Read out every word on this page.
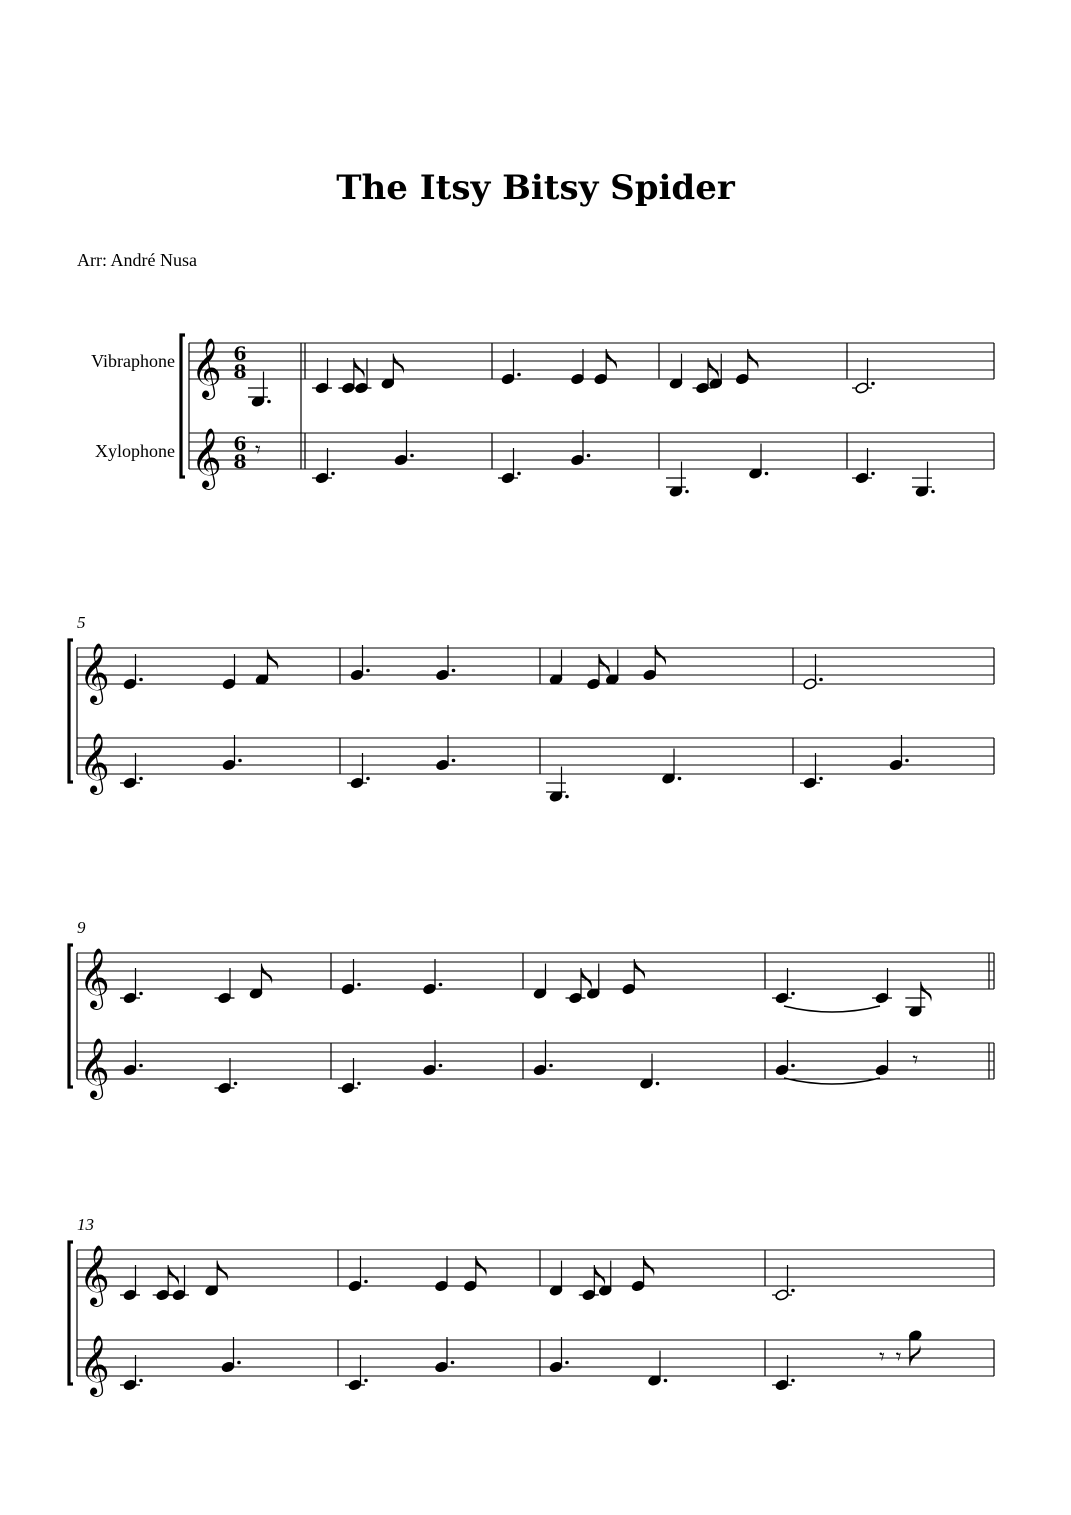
The Itsy Bitsy Spider
Arr: André Nusa
𝄞
𝄞
Vibraphone
Xylophone
6
8
6
8 𝄾
𝄞
𝄞
5
𝄞
𝄞
9
𝄾
𝄞
𝄞
13
𝄾 𝄾
